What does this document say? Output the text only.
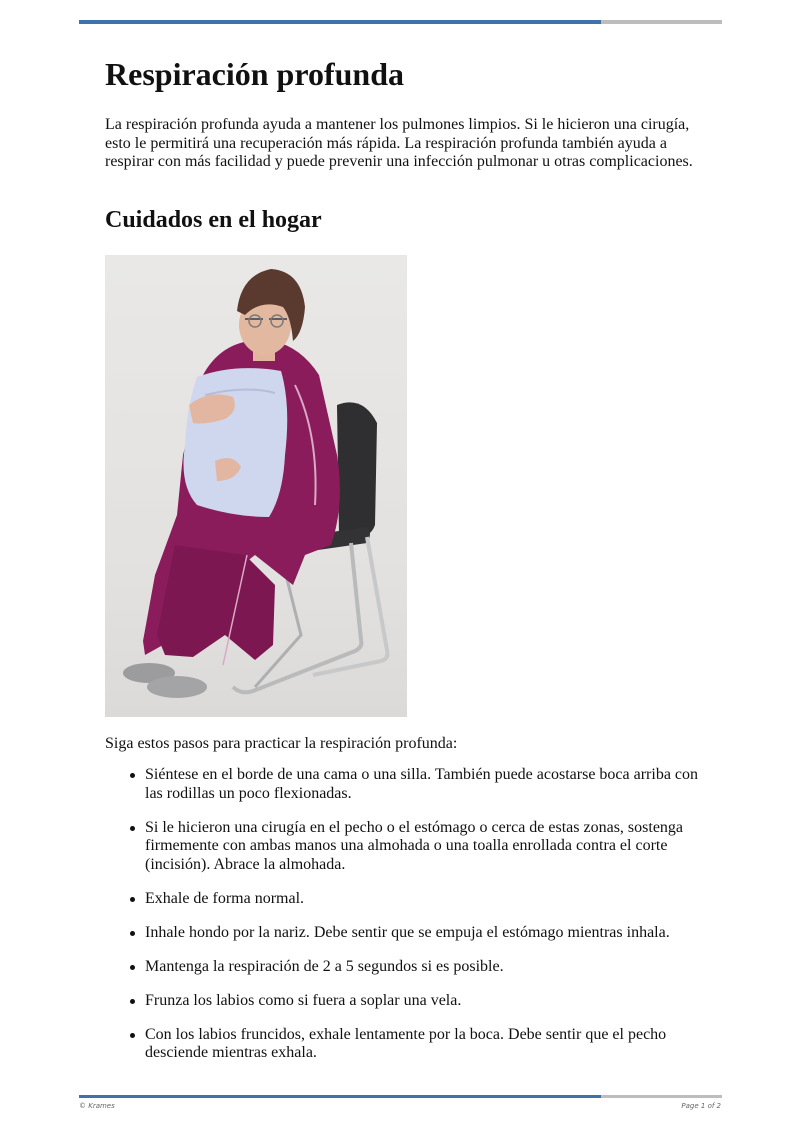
Respiración profunda

La respiración profunda ayuda a mantener los pulmones limpios. Si le hicieron una cirugía, esto le permitirá una recuperación más rápida. La respiración profunda también ayuda a respirar con más facilidad y puede prevenir una infección pulmonar u otras complicaciones.

Cuidados en el hogar

Siga estos pasos para practicar la respiración profunda:

Siéntese en el borde de una cama o una silla. También puede acostarse boca arriba con las rodillas un poco flexionadas.
Si le hicieron una cirugía en el pecho o el estómago o cerca de estas zonas, sostenga firmemente con ambas manos una almohada o una toalla enrollada contra el corte (incisión). Abrace la almohada.
Exhale de forma normal.
Inhale hondo por la nariz. Debe sentir que se empuja el estómago mientras inhala.
Mantenga la respiración de 2 a 5 segundos si es posible.
Frunza los labios como si fuera a soplar una vela.
Con los labios fruncidos, exhale lentamente por la boca. Debe sentir que el pecho desciende mientras exhala.
© Krames	Page 1 of 2
